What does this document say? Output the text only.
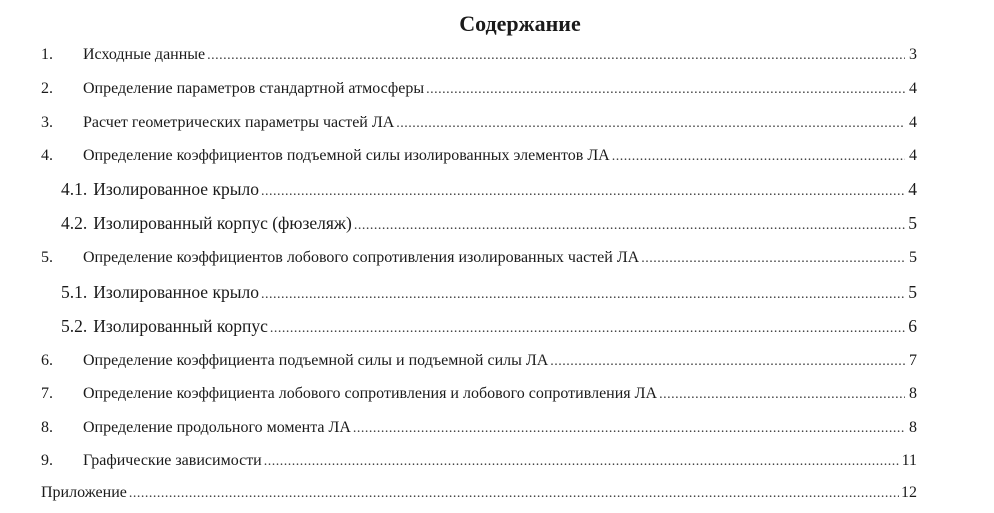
Содержание
1.	Исходные данные .....	3
2.	Определение параметров стандартной атмосферы .....	4
3.	Расчет геометрических параметры частей ЛА .....	4
4.	Определение коэффициентов подъемной силы изолированных элементов ЛА .....	4
4.1. Изолированное крыло .....	4
4.2. Изолированный корпус (фюзеляж) .....	5
5.	Определение коэффициентов лобового сопротивления изолированных частей ЛА .....	5
5.1. Изолированное крыло .....	5
5.2. Изолированный корпус .....	6
6.	Определение коэффициента подъемной силы и подъемной силы ЛА .....	7
7.	Определение коэффициента лобового сопротивления и лобового сопротивления ЛА .....	8
8.	Определение продольного момента ЛА .....	8
9.	Графические зависимости .....	11
Приложение .....	12
